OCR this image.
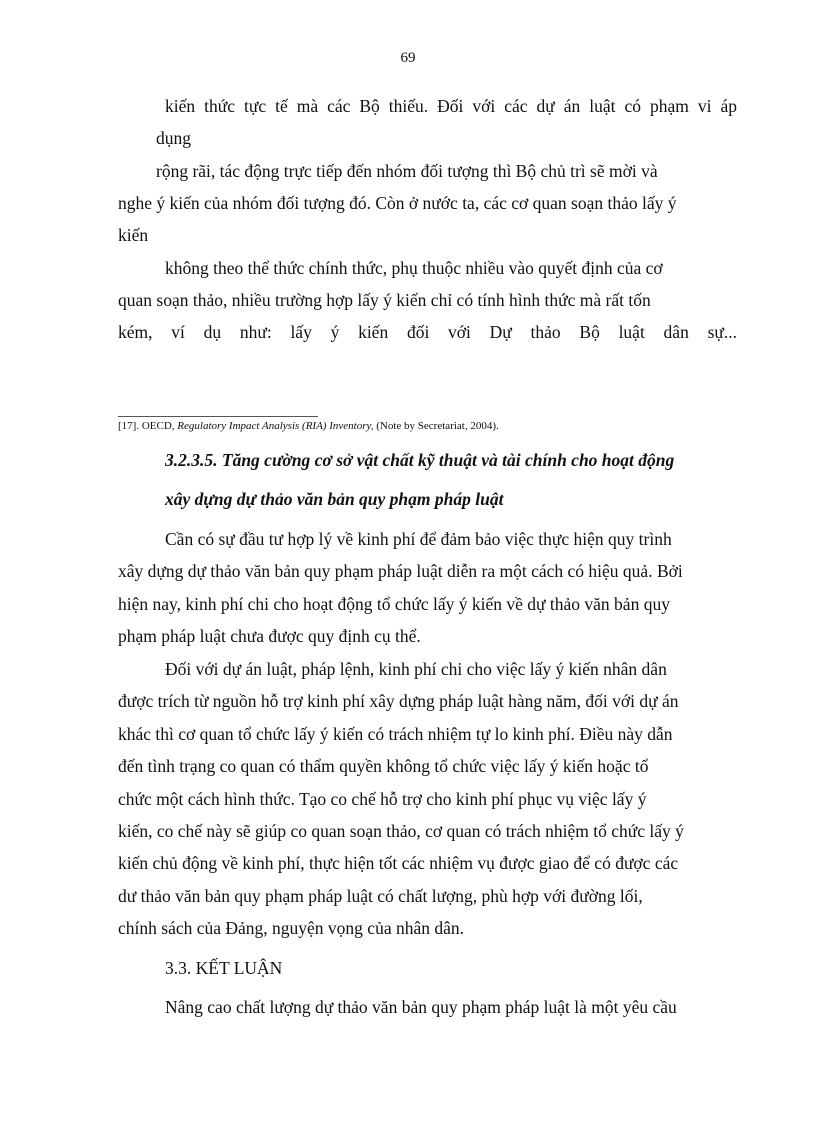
69
kiến thức tực tế mà các Bộ thiếu. Đối với các dự án luật có phạm vi áp
dụng
rộng rãi, tác động trực tiếp đến nhóm đối tượng thì Bộ chủ trì sẽ mời và
nghe ý kiến của nhóm đối tượng đó. Còn ở nước ta, các cơ quan soạn thảo lấy ý
kiến
không theo thể thức chính thức, phụ thuộc nhiều vào quyết định của cơ
quan soạn thảo, nhiều trường hợp lấy ý kiến chỉ có tính hình thức mà rất tốn
kém, ví dụ như: lấy ý kiến đối với Dự thảo Bộ luật dân sự...
[17]. OECD, Regulatory Impact Analysis (RIA) Inventory, (Note by Secretariat, 2004).
3.2.3.5. Tăng cường cơ sở vật chất kỹ thuật và tài chính cho hoạt động
xây dựng dự thảo văn bản quy phạm pháp luật
Cần có sự đầu tư hợp lý về kinh phí để đảm bảo việc thực hiện quy trình
xây dựng dự thảo văn bản quy phạm pháp luật diễn ra một cách có hiệu quả. Bởi
hiện nay, kinh phí chi cho hoạt động tổ chức lấy ý kiến về dự thảo văn bản quy
phạm pháp luật chưa được quy định cụ thể.
Đối với dự án luật, pháp lệnh, kinh phí chi cho việc lấy ý kiến nhân dân
được trích từ nguồn hỗ trợ kinh phí xây dựng pháp luật hàng năm, đối với dự án
khác thì cơ quan tổ chức lấy ý kiến có trách nhiệm tự lo kinh phí. Điều này dẫn
đến tình trạng co quan có thẩm quyền không tổ chức việc lấy ý kiến hoặc tổ
chức một cách hình thức. Tạo co chế hỗ trợ cho kinh phí phục vụ việc lấy ý
kiến, co chế này sẽ giúp co quan soạn thảo, cơ quan có trách nhiệm tổ chức lấy ý
kiến chủ động về kinh phí, thực hiện tốt các nhiệm vụ được giao để có được các
dư thảo văn bản quy phạm pháp luật có chất lượng, phù hợp với đường lối,
chính sách của Đảng, nguyện vọng của nhân dân.
3.3. KẾT LUẬN
Nâng cao chất lượng dự thảo văn bản quy phạm pháp luật là một yêu cầu
